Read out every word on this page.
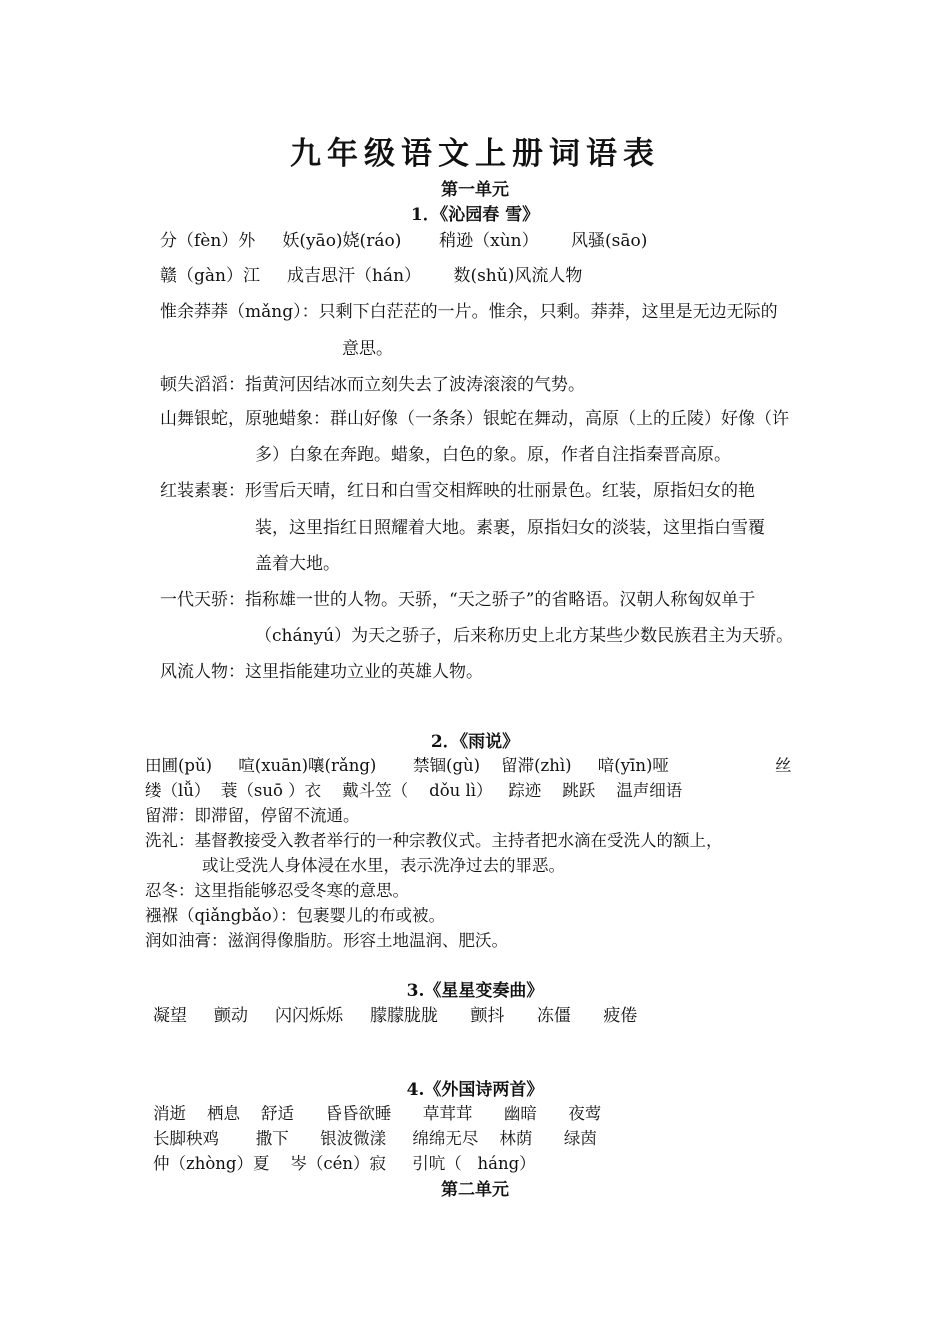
九年级语文上册词语表
第一单元
1．《沁园春 雪》
分（fèn）外     妖(yāo)娆(ráo)       稍逊（xùn）      风骚(sāo)
赣（gàn）江     成吉思汗（hán）      数(shǔ)风流人物
惟余莽莽（mǎng）：只剩下白茫茫的一片。惟余，只剩。莽莽，这里是无边无际的
意思。
顿失滔滔：指黄河因结冰而立刻失去了波涛滚滚的气势。
山舞银蛇，原驰蜡象：群山好像（一条条）银蛇在舞动，高原（上的丘陵）好像（许
多）白象在奔跑。蜡象，白色的象。原，作者自注指秦晋高原。
红装素裹：形雪后天晴，红日和白雪交相辉映的壮丽景色。红装，原指妇女的艳
装，这里指红日照耀着大地。素裹，原指妇女的淡装，这里指白雪覆
盖着大地。
一代天骄：指称雄一世的人物。天骄，“天之骄子”的省略语。汉朝人称匈奴单于
（chányú）为天之骄子，后来称历史上北方某些少数民族君主为天骄。
风流人物：这里指能建功立业的英雄人物。
2．《雨说》
田圃(pǔ)     喧(xuān)嚷(rǎng)       禁锢(gù)    留滞(zhì)     喑(yīn)哑	丝
缕（lǚ）  蓑（suō ）衣    戴斗笠（    dǒu lì）   踪迹    跳跃    温声细语
留滞：即滞留，停留不流通。
洗礼：基督教接受入教者举行的一种宗教仪式。主持者把水滴在受洗人的额上，
或让受洗人身体浸在水里，表示洗净过去的罪恶。
忍冬：这里指能够忍受冬寒的意思。
襁褓（qiǎngbǎo）：包裹婴儿的布或被。
润如油膏：滋润得像脂肪。形容土地温润、肥沃。
3.《星星变奏曲》
凝望     颤动     闪闪烁烁     朦朦胧胧      颤抖      冻僵      疲倦
4.《外国诗两首》
消逝    栖息    舒适      昏昏欲睡      草茸茸      幽暗      夜莺
长脚秧鸡       撒下      银波微漾     绵绵无尽    林荫      绿茵
仲（zhòng）夏    岑（cén）寂     引吭（   háng）
第二单元
